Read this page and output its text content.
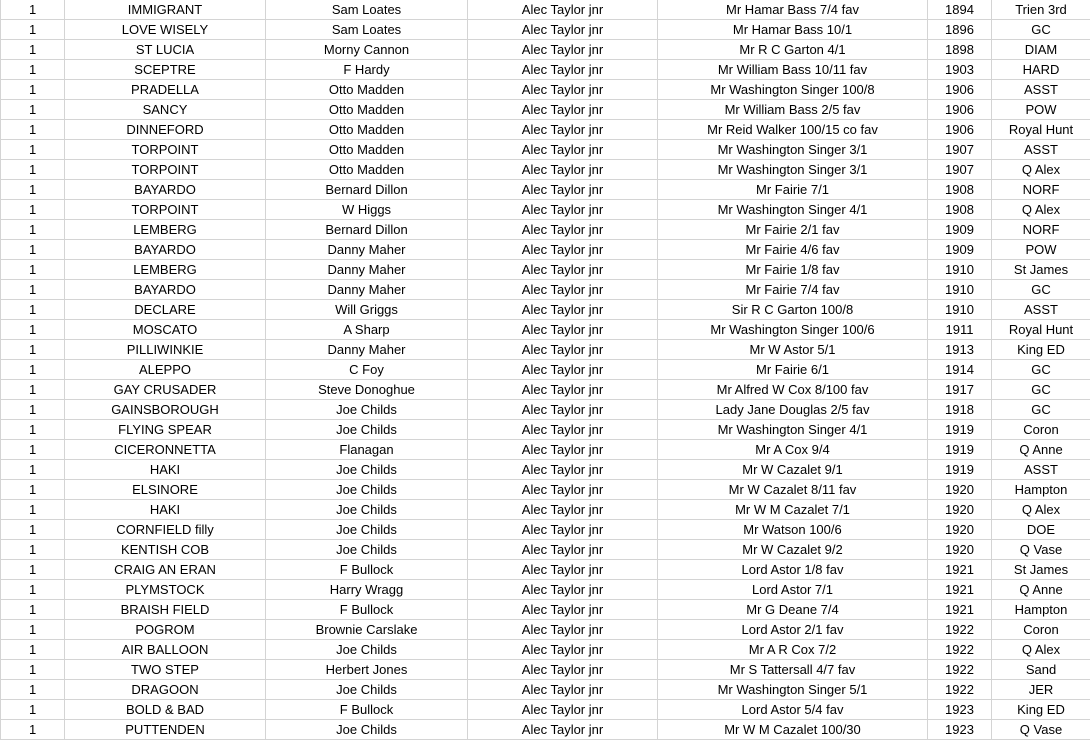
1	IMMIGRANT	Sam Loates	Alec Taylor jnr	Mr Hamar Bass 7/4 fav	1894	Trien 3rd
1	LOVE WISELY	Sam Loates	Alec Taylor jnr	Mr Hamar Bass 10/1	1896	GC
1	ST LUCIA	Morny Cannon	Alec Taylor jnr	Mr R C Garton 4/1	1898	DIAM
1	SCEPTRE	F Hardy	Alec Taylor jnr	Mr William Bass 10/11 fav	1903	HARD
1	PRADELLA	Otto Madden	Alec Taylor jnr	Mr Washington Singer 100/8	1906	ASST
1	SANCY	Otto Madden	Alec Taylor jnr	Mr William Bass 2/5 fav	1906	POW
1	DINNEFORD	Otto Madden	Alec Taylor jnr	Mr Reid Walker 100/15 co fav	1906	Royal Hunt
1	TORPOINT	Otto Madden	Alec Taylor jnr	Mr Washington Singer 3/1	1907	ASST
1	TORPOINT	Otto Madden	Alec Taylor jnr	Mr Washington Singer 3/1	1907	Q Alex
1	BAYARDO	Bernard Dillon	Alec Taylor jnr	Mr Fairie 7/1	1908	NORF
1	TORPOINT	W Higgs	Alec Taylor jnr	Mr Washington Singer 4/1	1908	Q Alex
1	LEMBERG	Bernard Dillon	Alec Taylor jnr	Mr Fairie 2/1 fav	1909	NORF
1	BAYARDO	Danny Maher	Alec Taylor jnr	Mr Fairie 4/6 fav	1909	POW
1	LEMBERG	Danny Maher	Alec Taylor jnr	Mr Fairie 1/8 fav	1910	St James
1	BAYARDO	Danny Maher	Alec Taylor jnr	Mr Fairie 7/4 fav	1910	GC
1	DECLARE	Will Griggs	Alec Taylor jnr	Sir R C Garton 100/8	1910	ASST
1	MOSCATO	A Sharp	Alec Taylor jnr	Mr Washington Singer 100/6	1911	Royal Hunt
1	PILLIWINKIE	Danny Maher	Alec Taylor jnr	Mr W Astor 5/1	1913	King ED
1	ALEPPO	C Foy	Alec Taylor jnr	Mr Fairie 6/1	1914	GC
1	GAY CRUSADER	Steve Donoghue	Alec Taylor jnr	Mr Alfred W Cox 8/100 fav	1917	GC
1	GAINSBOROUGH	Joe Childs	Alec Taylor jnr	Lady Jane Douglas 2/5 fav	1918	GC
1	FLYING SPEAR	Joe Childs	Alec Taylor jnr	Mr Washington Singer 4/1	1919	Coron
1	CICERONNETTA	Flanagan	Alec Taylor jnr	Mr A Cox 9/4	1919	Q Anne
1	HAKI	Joe Childs	Alec Taylor jnr	Mr W Cazalet 9/1	1919	ASST
1	ELSINORE	Joe Childs	Alec Taylor jnr	Mr W Cazalet 8/11 fav	1920	Hampton
1	HAKI	Joe Childs	Alec Taylor jnr	Mr W M Cazalet 7/1	1920	Q Alex
1	CORNFIELD filly	Joe Childs	Alec Taylor jnr	Mr Watson 100/6	1920	DOE
1	KENTISH COB	Joe Childs	Alec Taylor jnr	Mr W Cazalet 9/2	1920	Q Vase
1	CRAIG AN ERAN	F Bullock	Alec Taylor jnr	Lord Astor 1/8 fav	1921	St James
1	PLYMSTOCK	Harry Wragg	Alec Taylor jnr	Lord Astor 7/1	1921	Q Anne
1	BRAISH FIELD	F Bullock	Alec Taylor jnr	Mr G Deane 7/4	1921	Hampton
1	POGROM	Brownie Carslake	Alec Taylor jnr	Lord Astor 2/1 fav	1922	Coron
1	AIR BALLOON	Joe Childs	Alec Taylor jnr	Mr A R Cox 7/2	1922	Q Alex
1	TWO STEP	Herbert Jones	Alec Taylor jnr	Mr S Tattersall 4/7 fav	1922	Sand
1	DRAGOON	Joe Childs	Alec Taylor jnr	Mr Washington Singer 5/1	1922	JER
1	BOLD & BAD	F Bullock	Alec Taylor jnr	Lord Astor 5/4 fav	1923	King ED
1	PUTTENDEN	Joe Childs	Alec Taylor jnr	Mr W M Cazalet 100/30	1923	Q Vase
